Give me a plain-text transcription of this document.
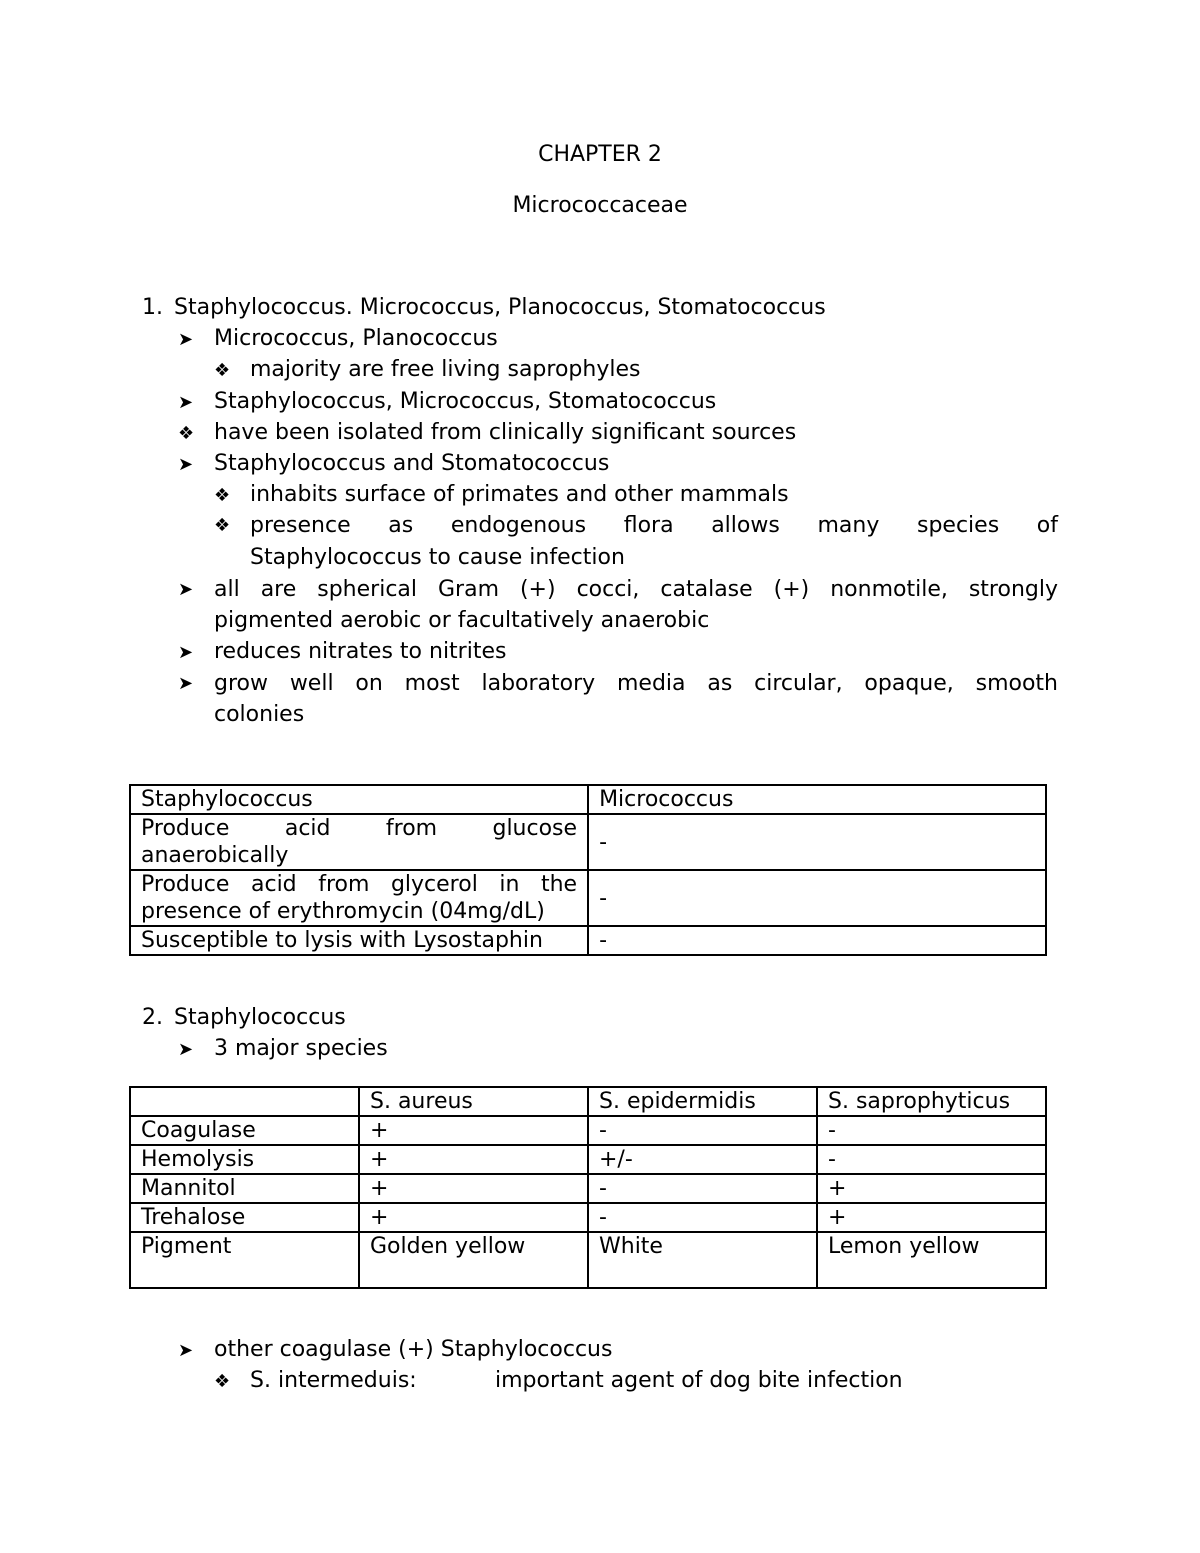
CHAPTER 2
Micrococcaceae
1. Staphylococcus. Micrococcus, Planococcus, Stomatococcus
➤ Micrococcus, Planococcus
❖ majority are free living saprophyles
➤ Staphylococcus, Micrococcus, Stomatococcus
❖ have been isolated from clinically significant sources
➤ Staphylococcus and Stomatococcus
❖ inhabits surface of primates and other mammals
❖ presence as endogenous flora allows many species of
Staphylococcus to cause infection
➤ all are spherical Gram (+) cocci, catalase (+) nonmotile, strongly
pigmented aerobic or facultatively anaerobic
➤ reduces nitrates to nitrites
➤ grow well on most laboratory media as circular, opaque, smooth
colonies
Staphylococcus	Micrococcus
Produce acid from glucose anaerobically	-
Produce acid from glycerol in the presence of erythromycin (04mg/dL)	-
Susceptible to lysis with Lysostaphin	-
2. Staphylococcus
➤ 3 major species
	S. aureus	S. epidermidis	S. saprophyticus
Coagulase	+	-	-
Hemolysis	+	+/-	-
Mannitol	+	-	+
Trehalose	+	-	+
Pigment	Golden yellow	White	Lemon yellow
➤ other coagulase (+) Staphylococcus
❖ S. intermeduis:	important agent of dog bite infection
